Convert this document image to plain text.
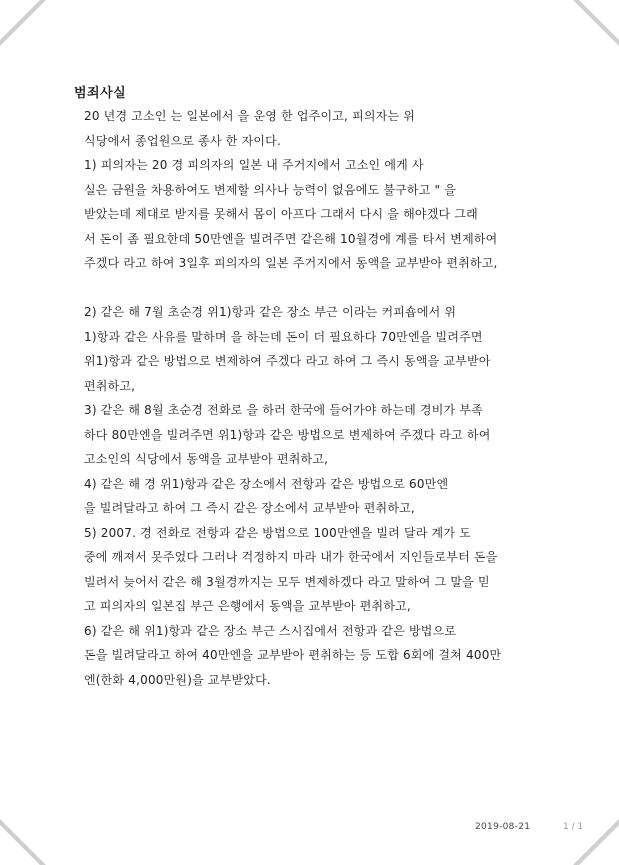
범죄사실
20 년경 고소인 는 일본에서 을 운영 한 업주이고, 피의자는 위
식당에서 종업원으로 종사 한 자이다.
1) 피의자는 20 경 피의자의 일본 내 주거지에서 고소인 에게 사
실은 금원을 차용하여도 변제할 의사나 능력이 없음에도 불구하고 " 을
받았는데 제대로 받지를 못해서 몸이 아프다 그래서 다시 을 해야겠다 그래
서 돈이 좀 필요한데 50만엔을 빌려주면 같은해 10월경에 계를 타서 변제하여
주겠다 라고 하여 3일후 피의자의 일본 주거지에서 동액을 교부받아 편취하고,
2) 같은 해 7월 초순경 위1)항과 같은 장소 부근 이라는 커피숍에서 위
1)항과 같은 사유를 말하며 을 하는데 돈이 더 필요하다 70만엔을 빌려주면
위1)항과 같은 방법으로 변제하여 주겠다 라고 하여 그 즉시 동액을 교부받아
편취하고,
3) 같은 해 8월 초순경 전화로 을 하러 한국에 들어가야 하는데 경비가 부족
하다 80만엔을 빌려주면 위1)항과 같은 방법으로 변제하여 주겠다 라고 하여
고소인의 식당에서 동액을 교부받아 편취하고,
4) 같은 해 경 위1)항과 같은 장소에서 전항과 같은 방법으로 60만엔
을 빌려달라고 하여 그 즉시 같은 장소에서 교부받아 편취하고,
5) 2007. 경 전화로 전항과 같은 방법으로 100만엔을 빌려 달라 계가 도
중에 깨져서 못주었다 그러나 걱정하지 마라 내가 한국에서 지인들로부터 돈을
빌려서 늦어서 같은 해 3월경까지는 모두 변제하겠다 라고 말하여 그 말을 믿
고 피의자의 일본집 부근 은행에서 동액을 교부받아 편취하고,
6) 같은 해 위1)항과 같은 장소 부근 스시집에서 전항과 같은 방법으로
돈을 빌려달라고 하여 40만엔을 교부받아 편취하는 등 도합 6회에 걸쳐 400만
엔(한화 4,000만원)을 교부받았다.
2019-08-21	1 / 1
